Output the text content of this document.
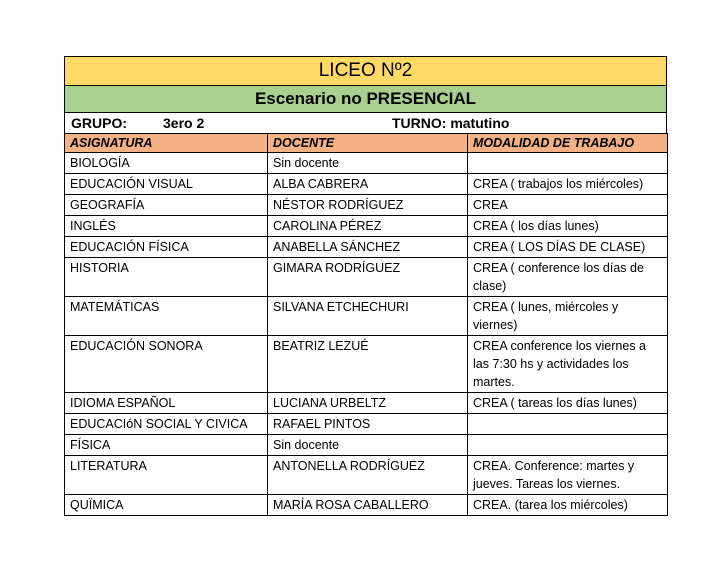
LICEO Nº2
Escenario no PRESENCIAL
GRUPO:	3ero 2	TURNO: matutino
ASIGNATURA	DOCENTE	MODALIDAD DE TRABAJO
BIOLOGÍA	Sin docente	
EDUCACIÓN VISUAL	ALBA CABRERA	CREA ( trabajos los miércoles)
GEOGRAFÍA	NÉSTOR RODRÍGUEZ	CREA
INGLÉS	CAROLINA PÉREZ	CREA ( los días lunes)
EDUCACIÓN FÍSICA	ANABELLA SÁNCHEZ	CREA ( LOS DÍAS DE CLASE)
HISTORIA	GIMARA RODRÍGUEZ	CREA ( conference los días de clase)
MATEMÁTICAS	SILVANA ETCHECHURI	CREA ( lunes, miércoles y viernes)
EDUCACIÓN SONORA	BEATRIZ LEZUÉ	CREA conference los viernes a las 7:30 hs y actividades los martes.
IDIOMA ESPAÑOL	LUCIANA URBELTZ	CREA ( tareas los días lunes)
EDUCACIóN SOCIAL Y CIVICA	RAFAEL PINTOS	
FÍSICA	Sin docente	
LITERATURA	ANTONELLA RODRÍGUEZ	CREA. Conference: martes y jueves. Tareas los viernes.
QUÏMICA	MARÍA ROSA CABALLERO	CREA. (tarea los miércoles)
